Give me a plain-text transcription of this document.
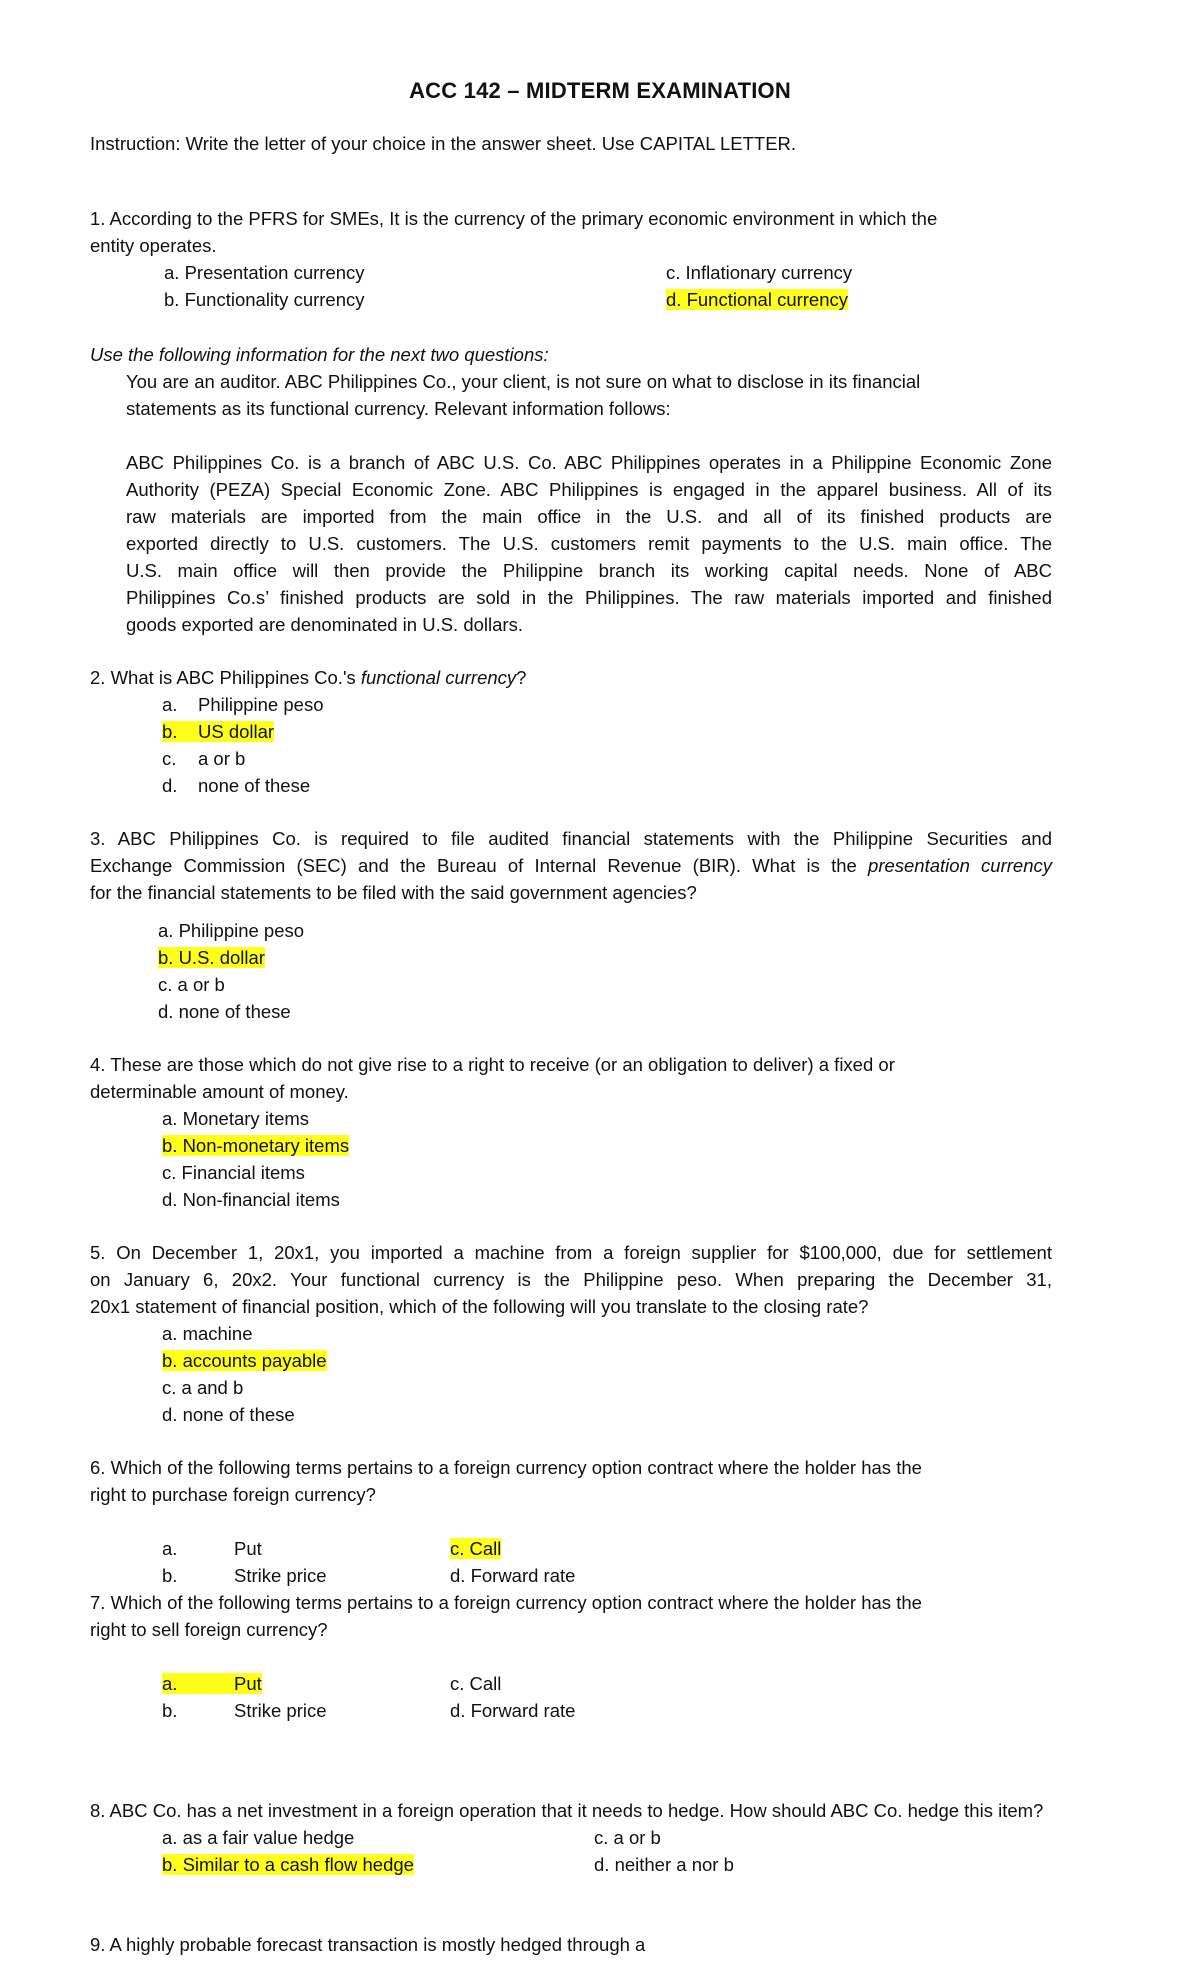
ACC 142 – MIDTERM EXAMINATION
Instruction: Write the letter of your choice in the answer sheet. Use CAPITAL LETTER.
1. According to the PFRS for SMEs, It is the currency of the primary economic environment in which the
entity operates.
a. Presentation currency	c. Inflationary currency
b. Functionality currency	d. Functional currency
Use the following information for the next two questions:
You are an auditor. ABC Philippines Co., your client, is not sure on what to disclose in its financial
statements as its functional currency. Relevant information follows:
ABC Philippines Co. is a branch of ABC U.S. Co. ABC Philippines operates in a Philippine Economic Zone
Authority (PEZA) Special Economic Zone. ABC Philippines is engaged in the apparel business. All of its
raw materials are imported from the main office in the U.S. and all of its finished products are
exported directly to U.S. customers. The U.S. customers remit payments to the U.S. main office. The
U.S. main office will then provide the Philippine branch its working capital needs. None of ABC
Philippines Co.s’ finished products are sold in the Philippines. The raw materials imported and finished
goods exported are denominated in U.S. dollars.
2. What is ABC Philippines Co.'s functional currency?
a. Philippine peso
b. US dollar
c. a or b
d. none of these
3. ABC Philippines Co. is required to file audited financial statements with the Philippine Securities and
Exchange Commission (SEC) and the Bureau of Internal Revenue (BIR). What is the presentation currency
for the financial statements to be filed with the said government agencies?
a. Philippine peso
b. U.S. dollar
c. a or b
d. none of these
4. These are those which do not give rise to a right to receive (or an obligation to deliver) a fixed or
determinable amount of money.
a. Monetary items
b. Non-monetary items
c. Financial items
d. Non-financial items
5. On December 1, 20x1, you imported a machine from a foreign supplier for $100,000, due for settlement
on January 6, 20x2. Your functional currency is the Philippine peso. When preparing the December 31,
20x1 statement of financial position, which of the following will you translate to the closing rate?
a. machine
b. accounts payable
c. a and b
d. none of these
6. Which of the following terms pertains to a foreign currency option contract where the holder has the
right to purchase foreign currency?
a.	Put	c. Call
b.	Strike price	d. Forward rate
7. Which of the following terms pertains to a foreign currency option contract where the holder has the
right to sell foreign currency?
a.	Put	c. Call
b.	Strike price	d. Forward rate
8. ABC Co. has a net investment in a foreign operation that it needs to hedge. How should ABC Co. hedge this item?
a. as a fair value hedge	c. a or b
b. Similar to a cash flow hedge	d. neither a nor b
9. A highly probable forecast transaction is mostly hedged through a
